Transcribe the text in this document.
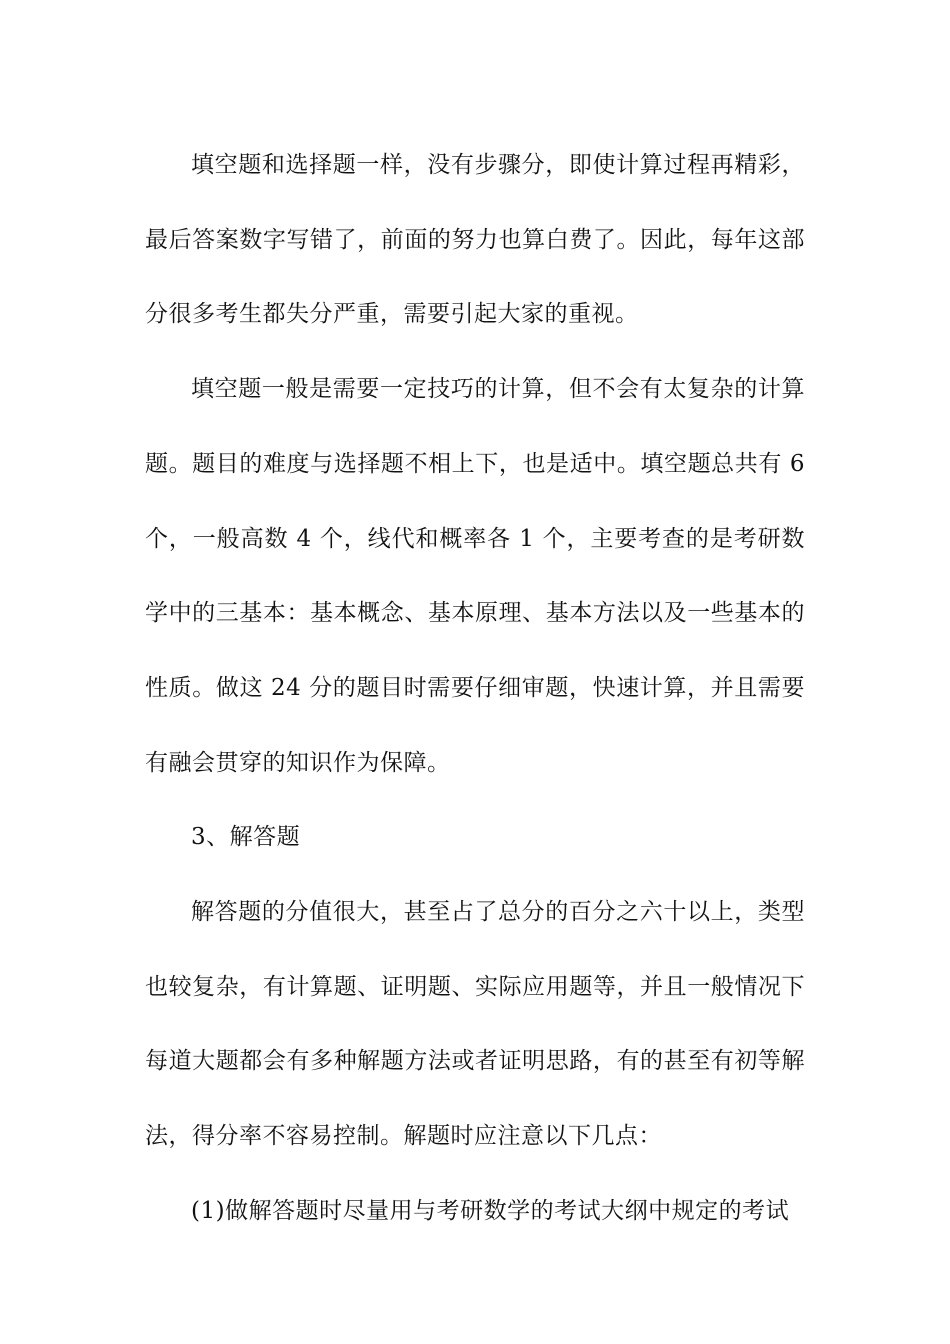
填空题和选择题一样，没有步骤分，即使计算过程再精彩，最后答案数字写错了，前面的努力也算白费了。因此，每年这部分很多考生都失分严重，需要引起大家的重视。

填空题一般是需要一定技巧的计算，但不会有太复杂的计算题。题目的难度与选择题不相上下，也是适中。填空题总共有 6 个，一般高数 4 个，线代和概率各 1 个，主要考查的是考研数学中的三基本：基本概念、基本原理、基本方法以及一些基本的性质。做这 24 分的题目时需要仔细审题，快速计算，并且需要有融会贯穿的知识作为保障。

3、解答题

解答题的分值很大，甚至占了总分的百分之六十以上，类型也较复杂，有计算题、证明题、实际应用题等，并且一般情况下每道大题都会有多种解题方法或者证明思路，有的甚至有初等解法，得分率不容易控制。解题时应注意以下几点：

(1)做解答题时尽量用与考研数学的考试大纲中规定的考试
